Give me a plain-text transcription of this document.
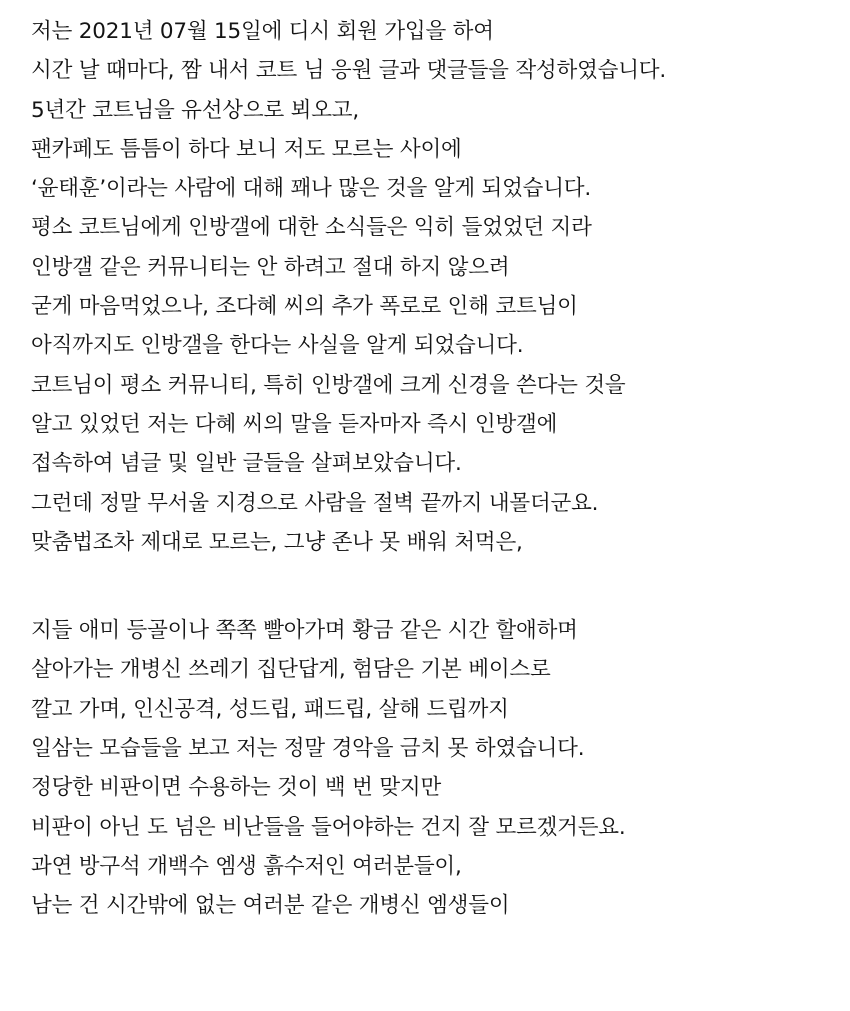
저는 2021년 07월 15일에 디시 회원 가입을 하여
시간 날 때마다, 짬 내서 코트 님 응원 글과 댓글들을 작성하였습니다.
5년간 코트님을 유선상으로 뵈오고,
팬카페도 틈틈이 하다 보니 저도 모르는 사이에
‘윤태훈’이라는 사람에 대해 꽤나 많은 것을 알게 되었습니다.
평소 코트님에게 인방갤에 대한 소식들은 익히 들었었던 지라
인방갤 같은 커뮤니티는 안 하려고 절대 하지 않으려
굳게 마음먹었으나, 조다혜 씨의 추가 폭로로 인해 코트님이
아직까지도 인방갤을 한다는 사실을 알게 되었습니다.
코트님이 평소 커뮤니티, 특히 인방갤에 크게 신경을 쓴다는 것을
알고 있었던 저는 다혜 씨의 말을 듣자마자 즉시 인방갤에
접속하여 념글 및 일반 글들을 살펴보았습니다.
그런데 정말 무서울 지경으로 사람을 절벽 끝까지 내몰더군요.
맞춤법조차 제대로 모르는, 그냥 존나 못 배워 처먹은,
지들 애미 등골이나 쪽쪽 빨아가며 황금 같은 시간 할애하며
살아가는 개병신 쓰레기 집단답게, 험담은 기본 베이스로
깔고 가며, 인신공격, 성드립, 패드립, 살해 드립까지
일삼는 모습들을 보고 저는 정말 경악을 금치 못 하였습니다.
정당한 비판이면 수용하는 것이 백 번 맞지만
비판이 아닌 도 넘은 비난들을 들어야하는 건지 잘 모르겠거든요.
과연 방구석 개백수 엠생 흙수저인 여러분들이,
남는 건 시간밖에 없는 여러분 같은 개병신 엠생들이
